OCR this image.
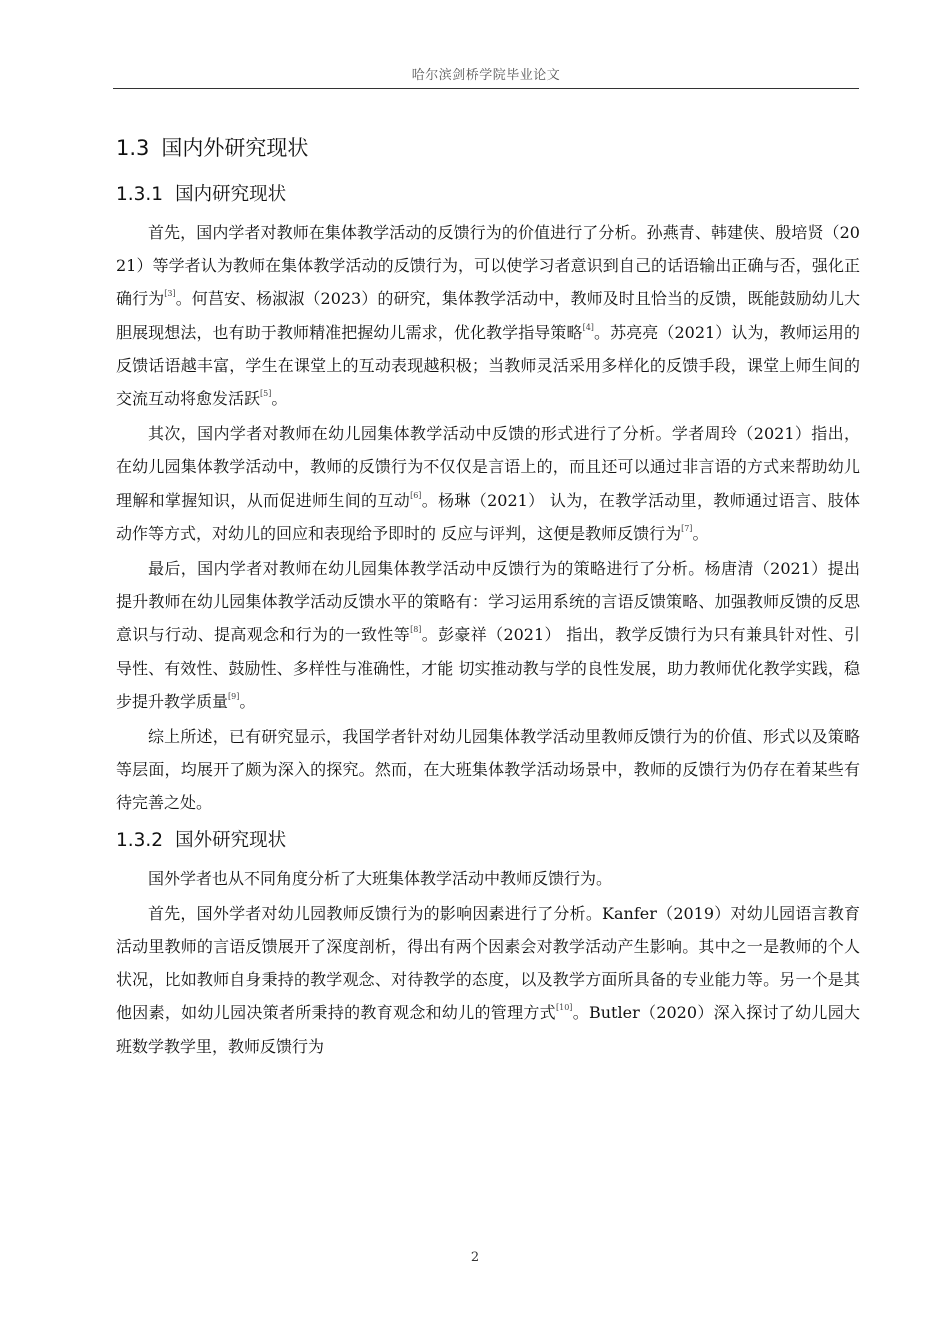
哈尔滨剑桥学院毕业论文
1.3 国内外研究现状
1.3.1 国内研究现状

首先，国内学者对教师在集体教学活动的反馈行为的价值进行了分析。孙燕青、韩建侠、殷培贤（2021）等学者认为教师在集体教学活动的反馈行为，可以使学习者意识到自己的话语输出正确与否，强化正确行为[3]。何莒安、杨淑淑（2023）的研究，集体教学活动中，教师及时且恰当的反馈，既能鼓励幼儿大胆展现想法，也有助于教师精准把握幼儿需求，优化教学指导策略[4]。苏亮亮（2021）认为，教师运用的反馈话语越丰富，学生在课堂上的互动表现越积极；当教师灵活采用多样化的反馈手段，课堂上师生间的交流互动将愈发活跃[5]。

其次，国内学者对教师在幼儿园集体教学活动中反馈的形式进行了分析。学者周玲（2021）指出，在幼儿园集体教学活动中，教师的反馈行为不仅仅是言语上的，而且还可以通过非言语的方式来帮助幼儿理解和掌握知识，从而促进师生间的互动[6]。杨琳（2021） 认为，在教学活动里，教师通过语言、肢体动作等方式，对幼儿的回应和表现给予即时的 反应与评判，这便是教师反馈行为[7]。

最后，国内学者对教师在幼儿园集体教学活动中反馈行为的策略进行了分析。杨唐清（2021）提出提升教师在幼儿园集体教学活动反馈水平的策略有：学习运用系统的言语反馈策略、加强教师反馈的反思意识与行动、提高观念和行为的一致性等[8]。彭豪祥（2021） 指出，教学反馈行为只有兼具针对性、引导性、有效性、鼓励性、多样性与准确性，才能 切实推动教与学的良性发展，助力教师优化教学实践，稳步提升教学质量[9]。

综上所述，已有研究显示，我国学者针对幼儿园集体教学活动里教师反馈行为的价值、形式以及策略等层面，均展开了颇为深入的探究。然而，在大班集体教学活动场景中，教师的反馈行为仍存在着某些有待完善之处。

1.3.2 国外研究现状

国外学者也从不同角度分析了大班集体教学活动中教师反馈行为。

首先，国外学者对幼儿园教师反馈行为的影响因素进行了分析。Kanfer（2019）对幼儿园语言教育活动里教师的言语反馈展开了深度剖析，得出有两个因素会对教学活动产生影响。其中之一是教师的个人状况，比如教师自身秉持的教学观念、对待教学的态度，以及教学方面所具备的专业能力等。另一个是其他因素，如幼儿园决策者所秉持的教育观念和幼儿的管理方式[10]。Butler（2020）深入探讨了幼儿园大班数学教学里，教师反馈行为

2
